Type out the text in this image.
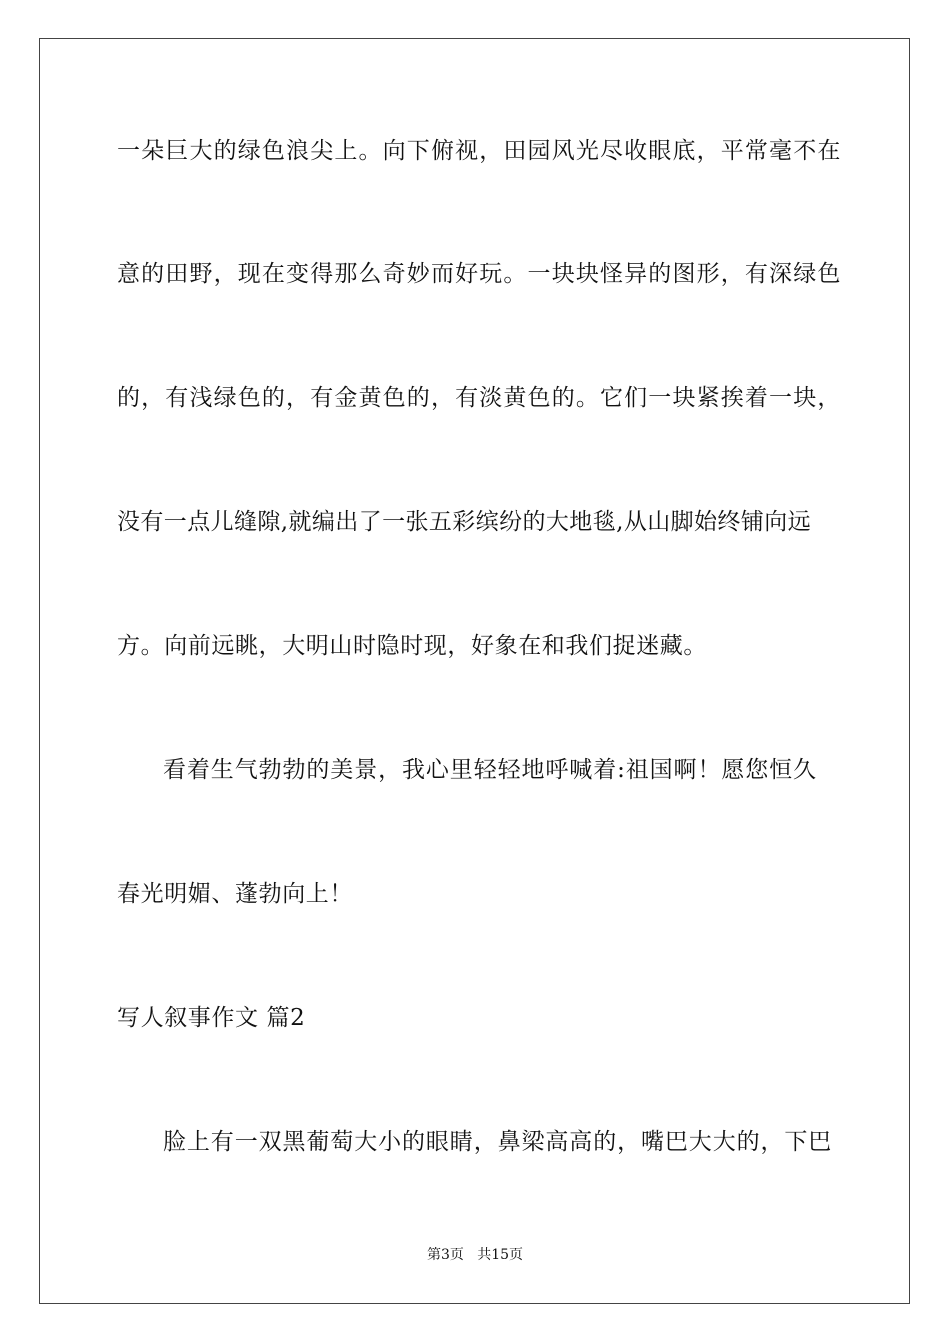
一朵巨大的绿色浪尖上。向下俯视，田园风光尽收眼底，平常毫不在
意的田野，现在变得那么奇妙而好玩。一块块怪异的图形，有深绿色
的，有浅绿色的，有金黄色的，有淡黄色的。它们一块紧挨着一块，
没有一点儿缝隙,就编出了一张五彩缤纷的大地毯,从山脚始终铺向远
方。向前远眺，大明山时隐时现，好象在和我们捉迷藏。
看着生气勃勃的美景，我心里轻轻地呼喊着:祖国啊！愿您恒久
春光明媚、蓬勃向上！
写人叙事作文 篇2
脸上有一双黑葡萄大小的眼睛，鼻梁高高的，嘴巴大大的，下巴
第3页   共15页
